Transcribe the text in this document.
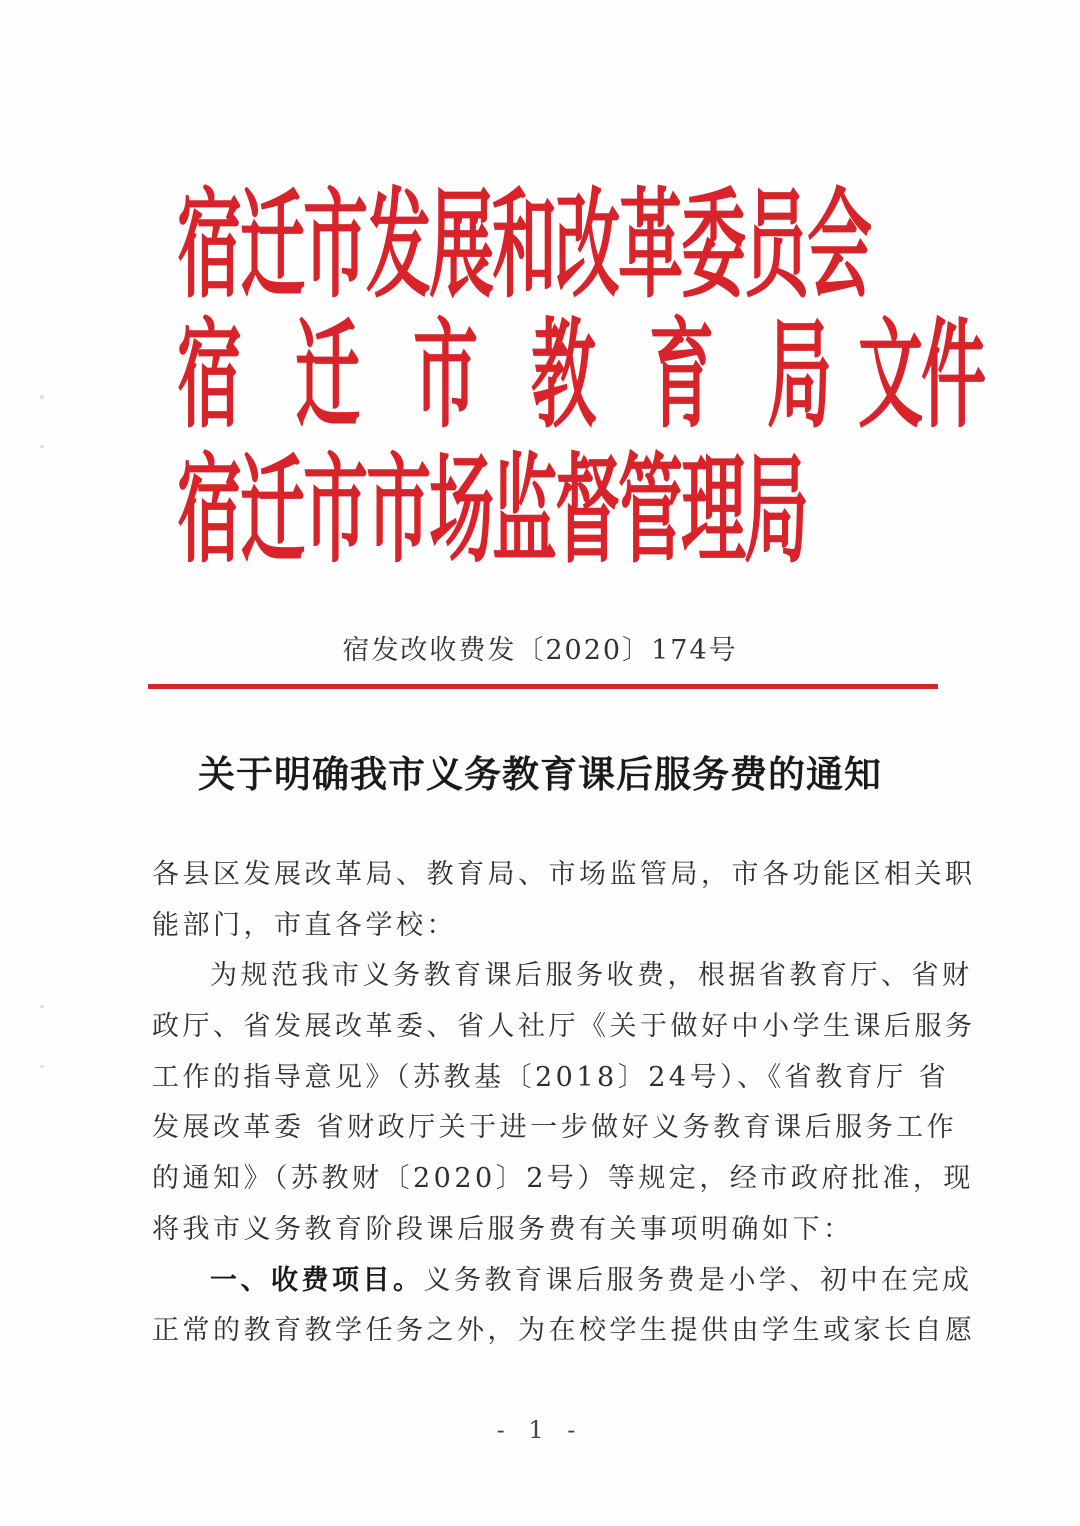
宿
迁
市
发
展
和
改
革
委
员
会
宿 迁 市 教 育 局 文
件
宿
迁
市
市
场
监
督
管
理
局
宿发改收费发〔2020〕174号
关于明确我市义务教育课后服务费的通知
各县区发展改革局、教育局、市场监管局，市各功能区相关职
能部门，市直各学校：
为规范我市义务教育课后服务收费，根据省教育厅、省财
政厅、省发展改革委、省人社厅《关于做好中小学生课后服务
工作的指导意见》（苏教基〔2018〕24号）、《省教育厅 省
发展改革委 省财政厅关于进一步做好义务教育课后服务工作
的通知》（苏教财〔2020〕2号）等规定，经市政府批准，现
将我市义务教育阶段课后服务费有关事项明确如下：
一、收费项目。义务教育课后服务费是小学、初中在完成
正常的教育教学任务之外，为在校学生提供由学生或家长自愿
- 1 -
